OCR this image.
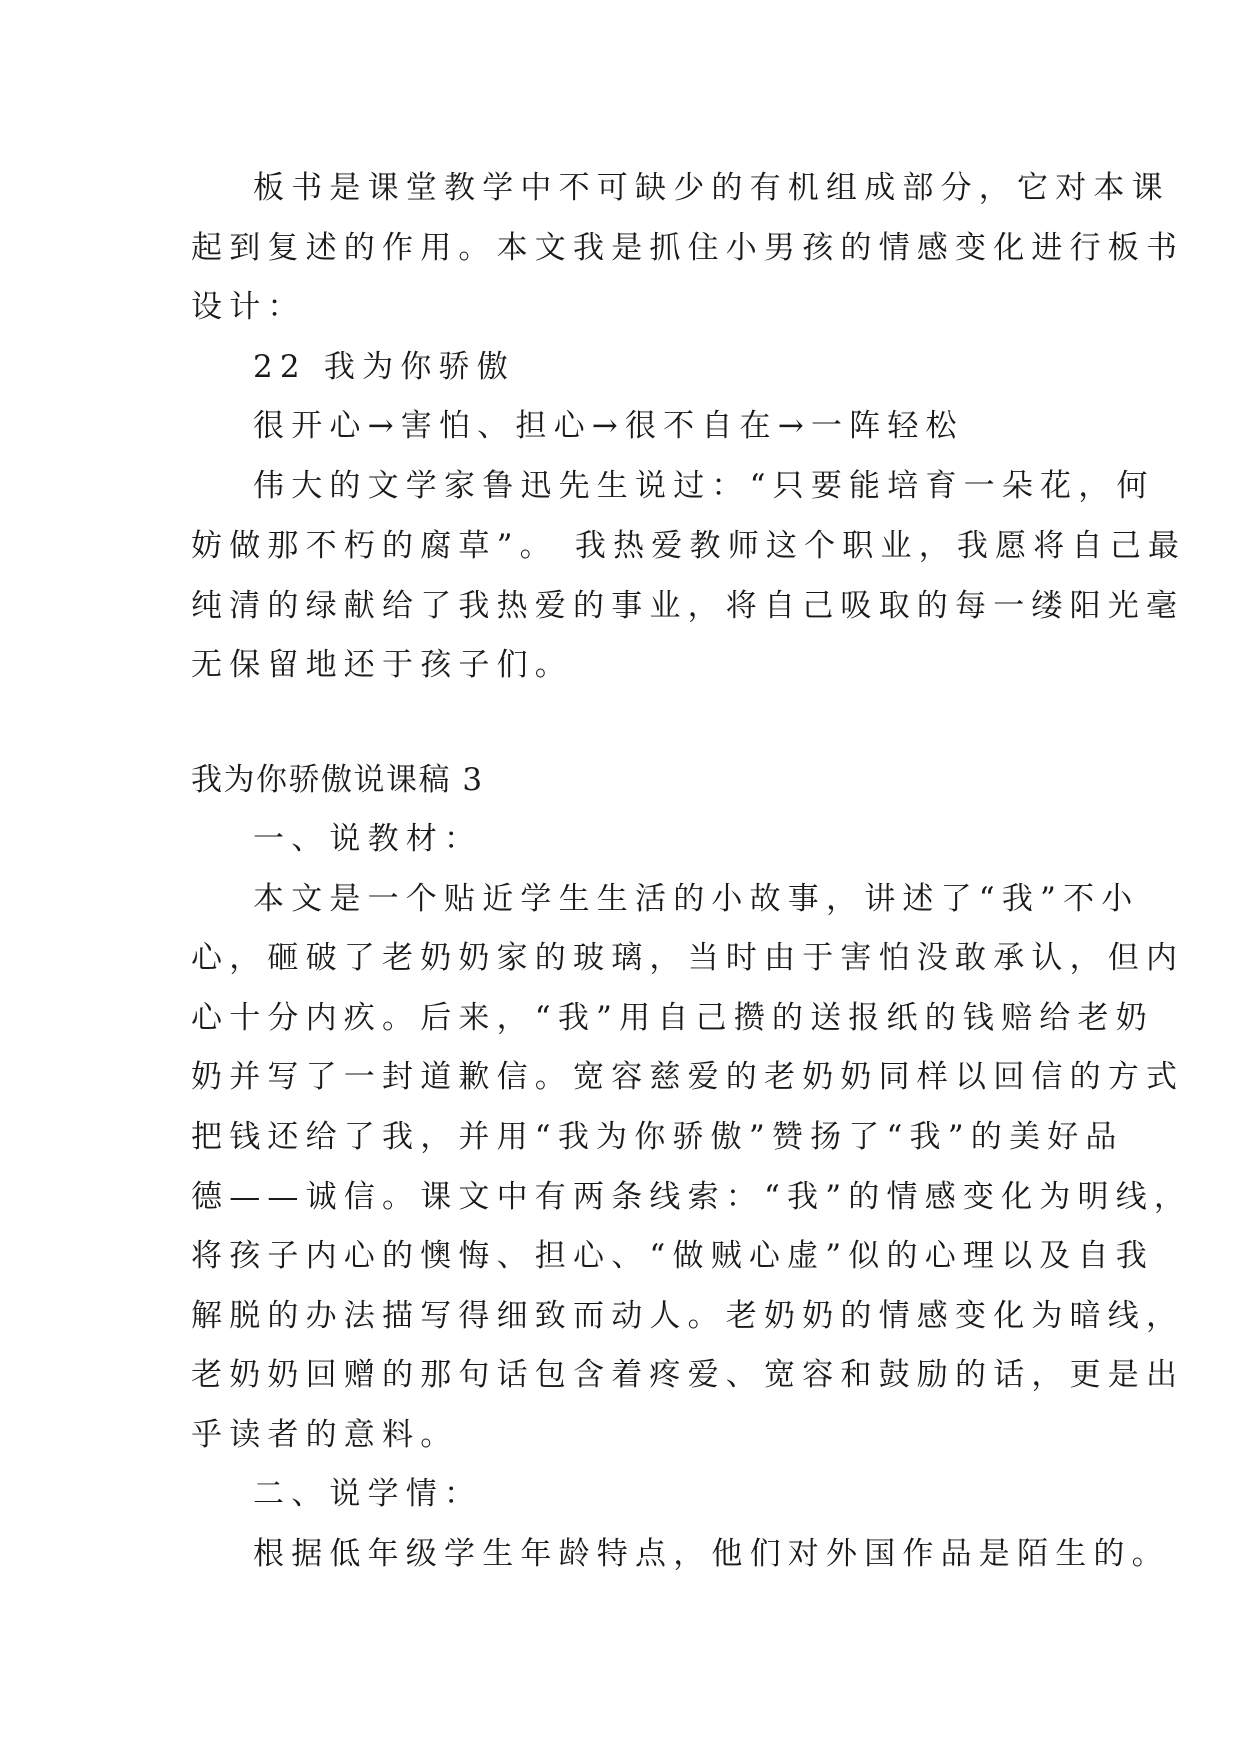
板书是课堂教学中不可缺少的有机组成部分，它对本课
起到复述的作用。本文我是抓住小男孩的情感变化进行板书
设计：
22 我为你骄傲
很开心→害怕、担心→很不自在→一阵轻松
伟大的文学家鲁迅先生说过：“只要能培育一朵花，何
妨做那不朽的腐草”。 我热爱教师这个职业，我愿将自己最
纯清的绿献给了我热爱的事业，将自己吸取的每一缕阳光毫
无保留地还于孩子们。
我为你骄傲说课稿 3
一、说教材：
本文是一个贴近学生生活的小故事，讲述了“我”不小
心，砸破了老奶奶家的玻璃，当时由于害怕没敢承认，但内
心十分内疚。后来，“我”用自己攒的送报纸的钱赔给老奶
奶并写了一封道歉信。宽容慈爱的老奶奶同样以回信的方式
把钱还给了我，并用“我为你骄傲”赞扬了“我”的美好品
德——诚信。课文中有两条线索：“我”的情感变化为明线，
将孩子内心的懊悔、担心、“做贼心虚”似的心理以及自我
解脱的办法描写得细致而动人。老奶奶的情感变化为暗线，
老奶奶回赠的那句话包含着疼爱、宽容和鼓励的话，更是出
乎读者的意料。
二、说学情：
根据低年级学生年龄特点，他们对外国作品是陌生的。
